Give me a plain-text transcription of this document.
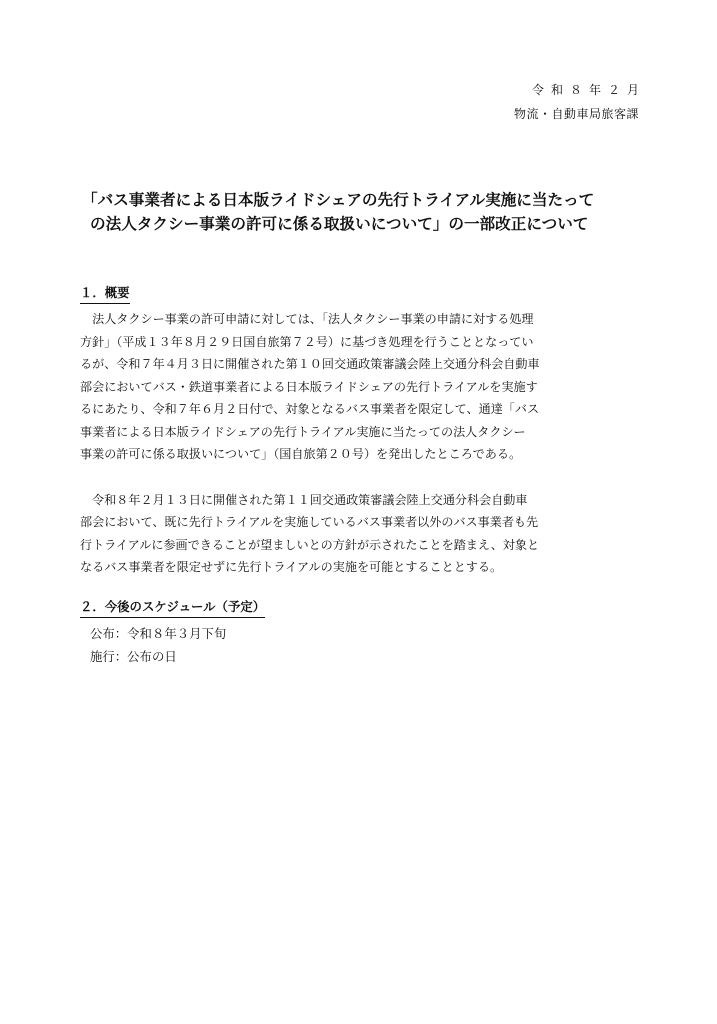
令和８年２月
物流・自動車局旅客課
「バス事業者による日本版ライドシェアの先行トライアル実施に当たって
の法人タクシー事業の許可に係る取扱いについて」の一部改正について
１．概要

　法人タクシー事業の許可申請に対しては、「法人タクシー事業の申請に対する処理
方針」（平成１３年８月２９日国自旅第７２号）に基づき処理を行うこととなってい
るが、令和７年４月３日に開催された第１０回交通政策審議会陸上交通分科会自動車
部会においてバス・鉄道事業者による日本版ライドシェアの先行トライアルを実施す
るにあたり、令和７年６月２日付で、対象となるバス事業者を限定して、通達「バス
事業者による日本版ライドシェアの先行トライアル実施に当たっての法人タクシー
事業の許可に係る取扱いについて」（国自旅第２０号）を発出したところである。

　令和８年２月１３日に開催された第１１回交通政策審議会陸上交通分科会自動車
部会において、既に先行トライアルを実施しているバス事業者以外のバス事業者も先
行トライアルに参画できることが望ましいとの方針が示されたことを踏まえ、対象と
なるバス事業者を限定せずに先行トライアルの実施を可能とすることとする。

２．今後のスケジュール（予定）
公布：令和８年３月下旬
施行：公布の日
